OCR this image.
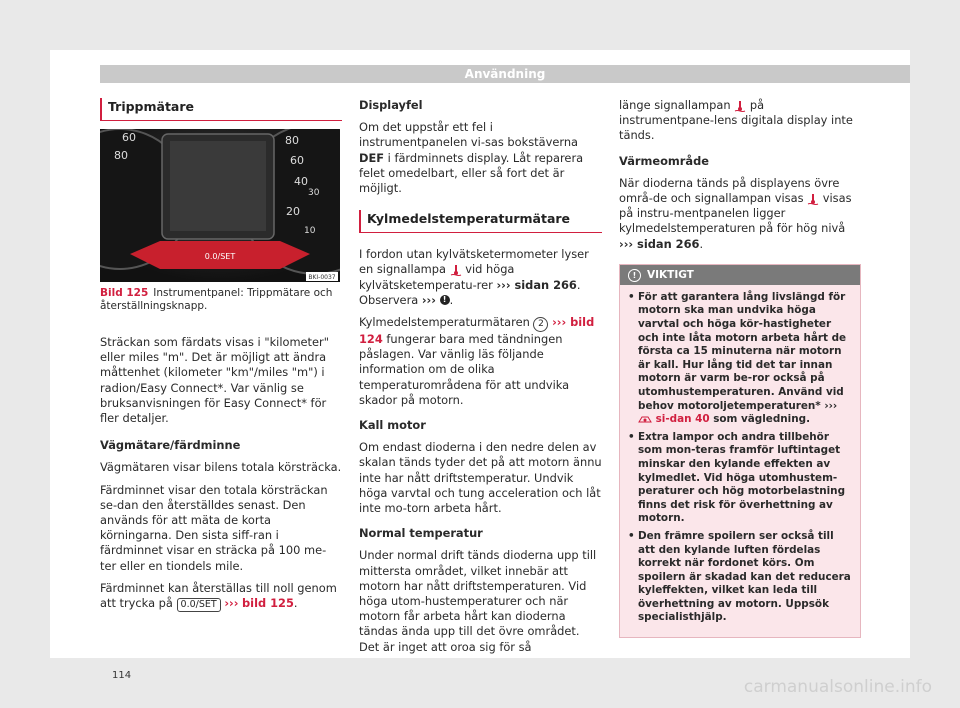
Användning
Trippmätare
0.0/SET
80
60	80
60
40
30
20
10
BKI-0037
Bild 125 Instrumentpanel: Trippmätare och återställningsknapp.

Sträckan som färdats visas i "kilometer" eller miles "m". Det är möjligt att ändra måttenhet (kilometer "km"/miles "m") i radion/Easy Connect*. Var vänlig se bruksanvisningen för Easy Connect* för fler detaljer.

Vägmätare/färdminne

Vägmätaren visar bilens totala körsträcka.

Färdminnet visar den totala körsträckan se-dan den återställdes senast. Den används för att mäta de korta körningarna. Den sista siff-ran i färdminnet visar en sträcka på 100 me-ter eller en tiondels mile.

Färdminnet kan återställas till noll genom att trycka på 0.0/SET ››› bild 125.

Displayfel

Om det uppstår ett fel i instrumentpanelen vi-sas bokstäverna DEF i färdminnets display. Låt reparera felet omedelbart, eller så fort det är möjligt.

Kylmedelstemperaturmätare

I fordon utan kylvätsketermometer lyser en signallampa vid höga kylvätsketemperatu-rer ››› sidan 266. Observera ››› ! .

Kylmedelstemperaturmätaren 2 ››› bild 124 fungerar bara med tändningen påslagen. Var vänlig läs följande information om de olika temperaturområdena för att undvika skador på motorn.

Kall motor

Om endast dioderna i den nedre delen av skalan tänds tyder det på att motorn ännu inte har nått driftstemperatur. Undvik höga varvtal och tung acceleration och låt inte mo-torn arbeta hårt.

Normal temperatur

Under normal drift tänds dioderna upp till mittersta området, vilket innebär att motorn har nått driftstemperaturen. Vid höga utom-hustemperaturer och när motorn får arbeta hårt kan dioderna tändas ända upp till det övre området. Det är inget att oroa sig för så

länge signallampan på instrumentpane-lens digitala display inte tänds.

Värmeområde

När dioderna tänds på displayens övre områ-de och signallampan visas visas på instru-mentpanelen ligger kylmedelstemperaturen på för hög nivå ››› sidan 266.

! VIKTIGT
• För att garantera lång livslängd för motorn ska man undvika höga varvtal och höga kör-hastigheter och inte låta motorn arbeta hårt de första ca 15 minuterna när motorn är kall. Hur lång tid det tar innan motorn är varm be-ror också på utomhustemperaturen. Använd vid behov motoroljetemperaturen* ›››  si-dan 40 som vägledning.
• Extra lampor och andra tillbehör som mon-teras framför luftintaget minskar den kylande effekten av kylmedlet. Vid höga utomhustem-peraturer och hög motorbelastning finns det risk för överhettning av motorn.
• Den främre spoilern ser också till att den kylande luften fördelas korrekt när fordonet körs. Om spoilern är skadad kan det reducera kyleffekten, vilket kan leda till överhettning av motorn. Uppsök specialisthjälp.
114
carmanualsonline.info
